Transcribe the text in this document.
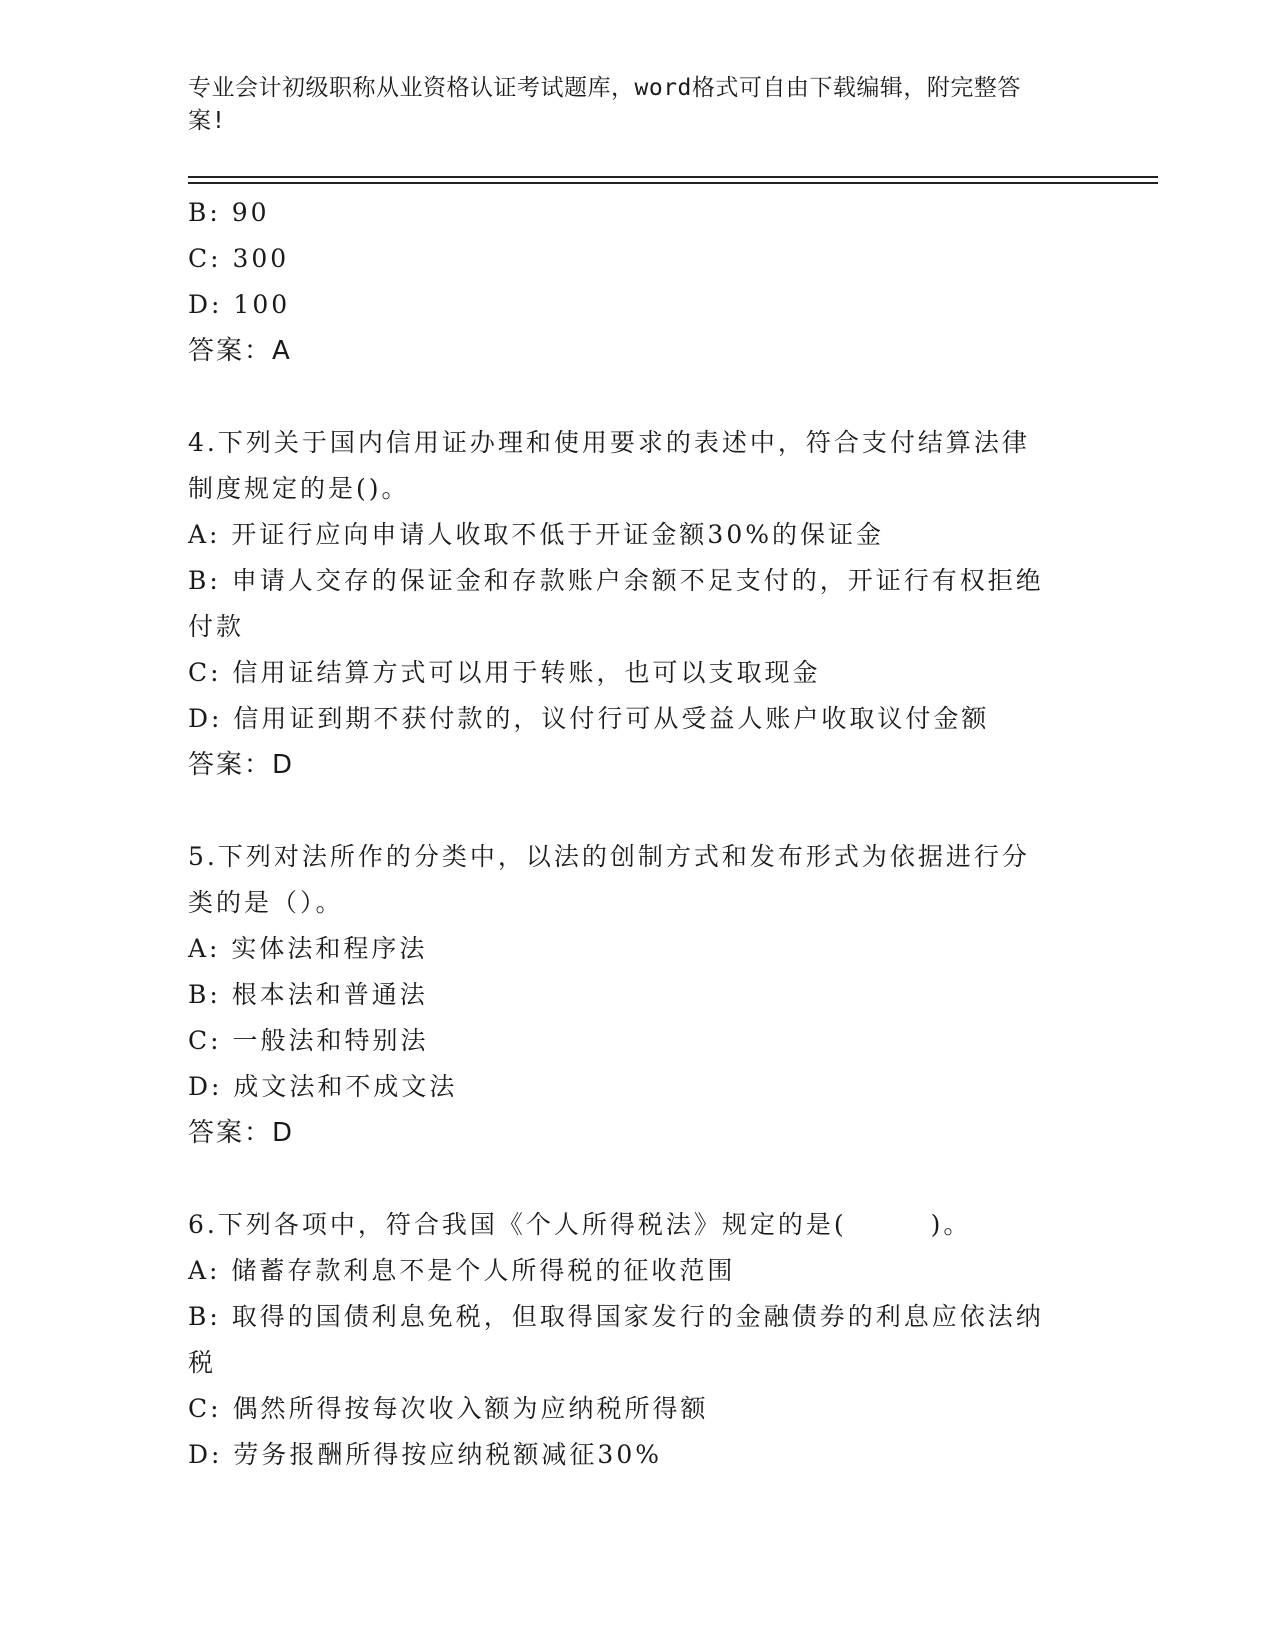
专业会计初级职称从业资格认证考试题库，word格式可自由下载编辑，附完整答
案!
B: 90
C: 300
D: 100
答案：A
4.下列关于国内信用证办理和使用要求的表述中，符合支付结算法律
制度规定的是()。
A: 开证行应向申请人收取不低于开证金额30%的保证金
B: 申请人交存的保证金和存款账户余额不足支付的，开证行有权拒绝
付款
C: 信用证结算方式可以用于转账，也可以支取现金
D: 信用证到期不获付款的，议付行可从受益人账户收取议付金额
答案：D
5.下列对法所作的分类中，以法的创制方式和发布形式为依据进行分
类的是（）。
A: 实体法和程序法
B: 根本法和普通法
C: 一般法和特别法
D: 成文法和不成文法
答案：D
6.下列各项中，符合我国《个人所得税法》规定的是(　　　)。
A: 储蓄存款利息不是个人所得税的征收范围
B: 取得的国债利息免税，但取得国家发行的金融债券的利息应依法纳
税
C: 偶然所得按每次收入额为应纳税所得额
D: 劳务报酬所得按应纳税额减征30%
